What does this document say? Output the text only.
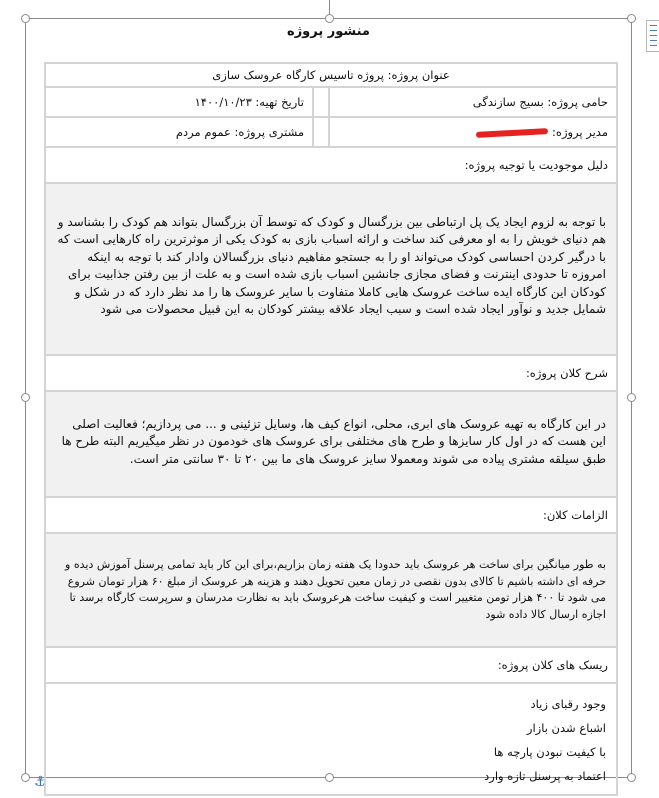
⚓
منشور پروژه
عنوان پروژه: پروژه تاسیس کارگاه عروسک سازی		
حامی پروژه: بسیج سازندگی		تاریخ تهیه: ۱۴۰۰/۱۰/۲۳
مدیر پروژه:		مشتری پروژه: عموم مردم
دلیل موجودیت یا توجیه پروژه:		
با توجه به لزوم ایجاد یک پل ارتباطی بین بزرگسال و کودک که توسط آن بزرگسال بتواند هم کودک را بشناسد و هم دنیای خویش را به او معرفی کند ساخت و ارائه اسباب بازی به کودک یکی از موثرترین راه کارهایی است که با درگیر کردن احساسی کودک می‌تواند او را به جستجو مفاهیم دنیای بزرگسالان وادار کند با توجه به اینکه امروزه تا حدودی اینترنت و فضای مجازی جانشین اسباب بازی شده است و به علت از بین رفتن جذابیت برای کودکان این کارگاه ایده ساخت عروسک هایی کاملا متفاوت با سایر عروسک ها را مد نظر دارد که در شکل و شمایل جدید و نوآور ایجاد شده است و سبب ایجاد علاقه بیشتر کودکان به این قبیل محصولات می شود		
شرح کلان پروژه:		
در این کارگاه به تهیه عروسک های ابری، محلی، انواع کیف ها، وسایل تزئینی و ... می پردازیم؛ فعالیت اصلی این هست که در اول کار سایزها و طرح های مختلفی برای عروسک های خودمون در نظر میگیریم البته طرح ها طبق سیلقه مشتری پیاده می شوند ومعمولا سایز عروسک های ما بین ۲۰ تا ۳۰ سانتی متر است.		
الزامات کلان:		
به طور میانگین برای ساخت هر عروسک باید حدودا یک هفته زمان بزاریم،برای این کار باید تمامی پرسنل آموزش دیده و حرفه ای داشته باشیم تا کالای بدون نقصی در زمان معین تحویل دهند و هزینه هر عروسک از مبلغ ۶۰ هزار تومان شروع می شود تا ۴۰۰ هزار تومن متغییر است و کیفیت ساخت هرعروسک باید به نظارت مدرسان و سرپرست کارگاه برسد تا اجازه ارسال کالا داده شود		
ریسک های کلان پروژه:		

وجود رقبای زیاد
اشباع شدن بازار
با کیفیت نبودن پارچه ها
اعتماد به پرسنل تازه وارد		
